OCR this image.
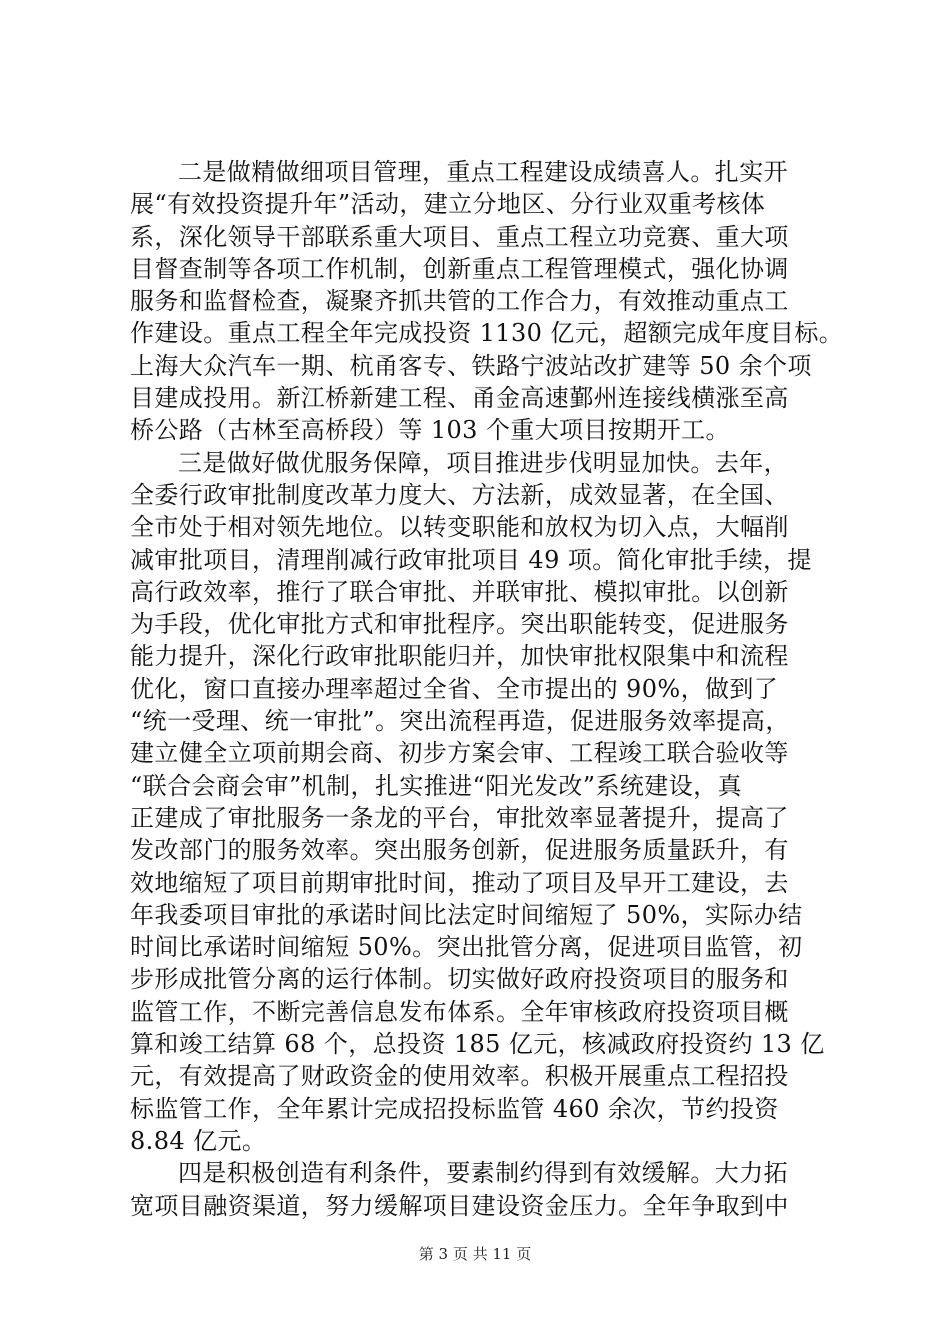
二是做精做细项目管理，重点工程建设成绩喜人。扎实开
展“有效投资提升年”活动，建立分地区、分行业双重考核体
系，深化领导干部联系重大项目、重点工程立功竞赛、重大项
目督查制等各项工作机制，创新重点工程管理模式，强化协调
服务和监督检查，凝聚齐抓共管的工作合力，有效推动重点工
作建设。重点工程全年完成投资 1130 亿元，超额完成年度目标。
上海大众汽车一期、杭甬客专、铁路宁波站改扩建等 50 余个项
目建成投用。新江桥新建工程、甬金高速鄞州连接线横涨至高
桥公路（古林至高桥段）等 103 个重大项目按期开工。
三是做好做优服务保障，项目推进步伐明显加快。去年，
全委行政审批制度改革力度大、方法新，成效显著，在全国、
全市处于相对领先地位。以转变职能和放权为切入点，大幅削
减审批项目，清理削减行政审批项目 49 项。简化审批手续，提
高行政效率，推行了联合审批、并联审批、模拟审批。以创新
为手段，优化审批方式和审批程序。突出职能转变，促进服务
能力提升，深化行政审批职能归并，加快审批权限集中和流程
优化，窗口直接办理率超过全省、全市提出的 90%，做到了
“统一受理、统一审批”。突出流程再造，促进服务效率提高，
建立健全立项前期会商、初步方案会审、工程竣工联合验收等
“联合会商会审”机制，扎实推进“阳光发改”系统建设，真
正建成了审批服务一条龙的平台，审批效率显著提升，提高了
发改部门的服务效率。突出服务创新，促进服务质量跃升，有
效地缩短了项目前期审批时间，推动了项目及早开工建设，去
年我委项目审批的承诺时间比法定时间缩短了 50%，实际办结
时间比承诺时间缩短 50%。突出批管分离，促进项目监管，初
步形成批管分离的运行体制。切实做好政府投资项目的服务和
监管工作，不断完善信息发布体系。全年审核政府投资项目概
算和竣工结算 68 个，总投资 185 亿元，核减政府投资约 13 亿
元，有效提高了财政资金的使用效率。积极开展重点工程招投
标监管工作，全年累计完成招投标监管 460 余次，节约投资
8.84 亿元。
四是积极创造有利条件，要素制约得到有效缓解。大力拓
宽项目融资渠道，努力缓解项目建设资金压力。全年争取到中
第 3 页 共 11 页
